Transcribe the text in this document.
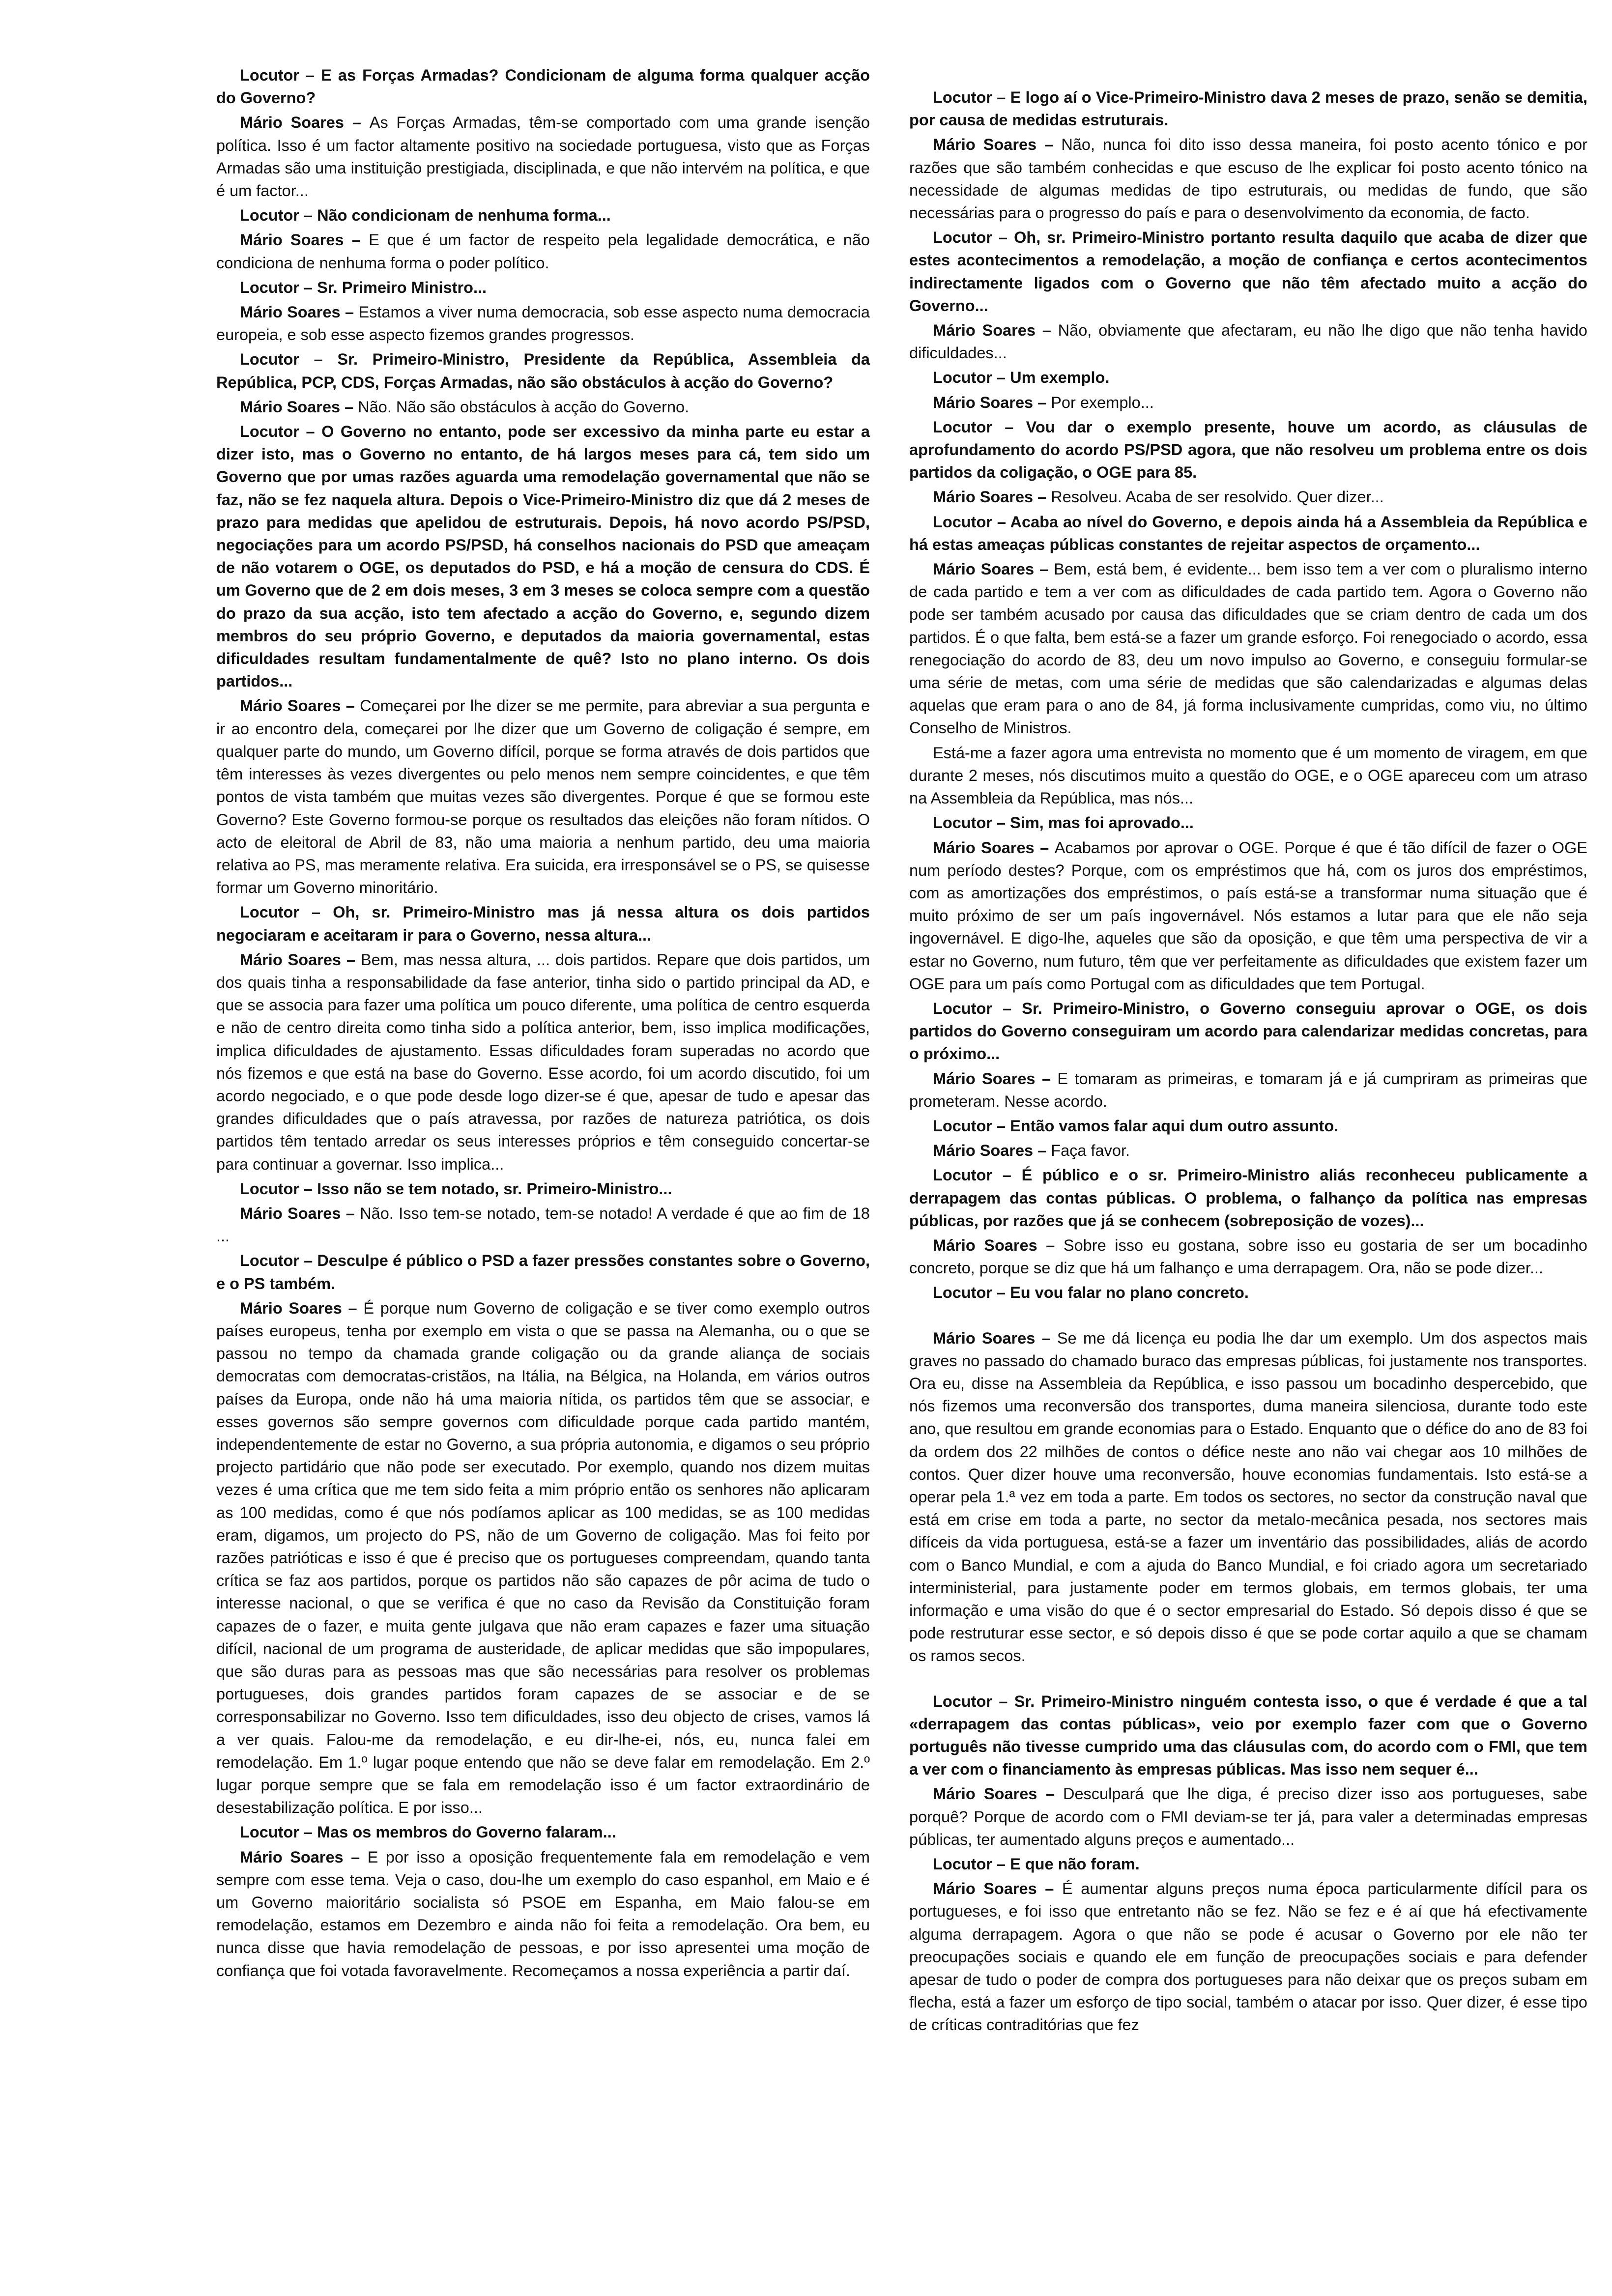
Locutor – E as Forças Armadas? Condicionam de alguma forma qualquer acção do Governo?

Mário Soares – As Forças Armadas, têm-se comportado com uma grande isenção política. Isso é um factor altamente positivo na sociedade portuguesa, visto que as Forças Armadas são uma instituição prestigiada, disciplinada, e que não intervém na política, e que é um factor...

Locutor – Não condicionam de nenhuma forma...

Mário Soares – E que é um factor de respeito pela legalidade democrática, e não condiciona de nenhuma forma o poder político.

Locutor – Sr. Primeiro Ministro...

Mário Soares – Estamos a viver numa democracia, sob esse aspecto numa democracia europeia, e sob esse aspecto fizemos grandes progressos.

Locutor – Sr. Primeiro-Ministro, Presidente da República, Assembleia da República, PCP, CDS, Forças Armadas, não são obstáculos à acção do Governo?

Mário Soares – Não. Não são obstáculos à acção do Governo.

Locutor – O Governo no entanto, pode ser excessivo da minha parte eu estar a dizer isto, mas o Governo no entanto, de há largos meses para cá, tem sido um Governo que por umas razões aguarda uma remodelação governamental que não se faz, não se fez naquela altura. Depois o Vice-Primeiro-Ministro diz que dá 2 meses de prazo para medidas que apelidou de estruturais. Depois, há novo acordo PS/PSD, negociações para um acordo PS/PSD, há conselhos nacionais do PSD que ameaçam de não votarem o OGE, os deputados do PSD, e há a moção de censura do CDS. É um Governo que de 2 em dois meses, 3 em 3 meses se coloca sempre com a questão do prazo da sua acção, isto tem afectado a acção do Governo, e, segundo dizem membros do seu próprio Governo, e deputados da maioria governamental, estas dificuldades resultam fundamentalmente de quê? Isto no plano interno. Os dois partidos...

Mário Soares – Começarei por lhe dizer se me permite, para abreviar a sua pergunta e ir ao encontro dela, começarei por lhe dizer que um Governo de coligação é sempre, em qualquer parte do mundo, um Governo difícil, porque se forma através de dois partidos que têm interesses às vezes divergentes ou pelo menos nem sempre coincidentes, e que têm pontos de vista também que muitas vezes são divergentes. Porque é que se formou este Governo? Este Governo formou-se porque os resultados das eleições não foram nítidos. O acto de eleitoral de Abril de 83, não uma maioria a nenhum partido, deu uma maioria relativa ao PS, mas meramente relativa. Era suicida, era irresponsável se o PS, se quisesse formar um Governo minoritário.

Locutor – Oh, sr. Primeiro-Ministro mas já nessa altura os dois partidos negociaram e aceitaram ir para o Governo, nessa altura...

Mário Soares – Bem, mas nessa altura, ... dois partidos. Repare que dois partidos, um dos quais tinha a responsabilidade da fase anterior, tinha sido o partido principal da AD, e que se associa para fazer uma política um pouco diferente, uma política de centro esquerda e não de centro direita como tinha sido a política anterior, bem, isso implica modificações, implica dificuldades de ajustamento. Essas dificuldades foram superadas no acordo que nós fizemos e que está na base do Governo. Esse acordo, foi um acordo discutido, foi um acordo negociado, e o que pode desde logo dizer-se é que, apesar de tudo e apesar das grandes dificuldades que o país atravessa, por razões de natureza patriótica, os dois partidos têm tentado arredar os seus interesses próprios e têm conseguido concertar-se para continuar a governar. Isso implica...

Locutor – Isso não se tem notado, sr. Primeiro-Ministro...

Mário Soares – Não. Isso tem-se notado, tem-se notado! A verdade é que ao fim de 18 ...

Locutor – Desculpe é público o PSD a fazer pressões constantes sobre o Governo, e o PS também.

Mário Soares – É porque num Governo de coligação e se tiver como exemplo outros países europeus, tenha por exemplo em vista o que se passa na Alemanha, ou o que se passou no tempo da chamada grande coligação ou da grande aliança de sociais democratas com democratas-cristãos, na Itália, na Bélgica, na Holanda, em vários outros países da Europa, onde não há uma maioria nítida, os partidos têm que se associar, e esses governos são sempre governos com dificuldade porque cada partido mantém, independentemente de estar no Governo, a sua própria autonomia, e digamos o seu próprio projecto partidário que não pode ser executado. Por exemplo, quando nos dizem muitas vezes é uma crítica que me tem sido feita a mim próprio então os senhores não aplicaram as 100 medidas, como é que nós podíamos aplicar as 100 medidas, se as 100 medidas eram, digamos, um projecto do PS, não de um Governo de coligação. Mas foi feito por razões patrióticas e isso é que é preciso que os portugueses compreendam, quando tanta crítica se faz aos partidos, porque os partidos não são capazes de pôr acima de tudo o interesse nacional, o que se verifica é que no caso da Revisão da Constituição foram capazes de o fazer, e muita gente julgava que não eram capazes e fazer uma situação difícil, nacional de um programa de austeridade, de aplicar medidas que são impopulares, que são duras para as pessoas mas que são necessárias para resolver os problemas portugueses, dois grandes partidos foram capazes de se associar e de se corresponsabilizar no Governo. Isso tem dificuldades, isso deu objecto de crises, vamos lá a ver quais. Falou-me da remodelação, e eu dir-lhe-ei, nós, eu, nunca falei em remodelação. Em 1.º lugar poque entendo que não se deve falar em remodelação. Em 2.º lugar porque sempre que se fala em remodelação isso é um factor extraordinário de desestabilização política. E por isso...

Locutor – Mas os membros do Governo falaram...

Mário Soares – E por isso a oposição frequentemente fala em remodelação e vem sempre com esse tema. Veja o caso, dou-lhe um exemplo do caso espanhol, em Maio e é um Governo maioritário socialista só PSOE em Espanha, em Maio falou-se em remodelação, estamos em Dezembro e ainda não foi feita a remodelação. Ora bem, eu nunca disse que havia remodelação de pessoas, e por isso apresentei uma moção de confiança que foi votada favoravelmente. Recomeçamos a nossa experiência a partir daí.

Locutor – E logo aí o Vice-Primeiro-Ministro dava 2 meses de prazo, senão se demitia, por causa de medidas estruturais.

Mário Soares – Não, nunca foi dito isso dessa maneira, foi posto acento tónico e por razões que são também conhecidas e que escuso de lhe explicar foi posto acento tónico na necessidade de algumas medidas de tipo estruturais, ou medidas de fundo, que são necessárias para o progresso do país e para o desenvolvimento da economia, de facto.

Locutor – Oh, sr. Primeiro-Ministro portanto resulta daquilo que acaba de dizer que estes acontecimentos a remodelação, a moção de confiança e certos acontecimentos indirectamente ligados com o Governo que não têm afectado muito a acção do Governo...

Mário Soares – Não, obviamente que afectaram, eu não lhe digo que não tenha havido dificuldades...

Locutor – Um exemplo.

Mário Soares – Por exemplo...

Locutor – Vou dar o exemplo presente, houve um acordo, as cláusulas de aprofundamento do acordo PS/PSD agora, que não resolveu um problema entre os dois partidos da coligação, o OGE para 85.

Mário Soares – Resolveu. Acaba de ser resolvido. Quer dizer...

Locutor – Acaba ao nível do Governo, e depois ainda há a Assembleia da República e há estas ameaças públicas constantes de rejeitar aspectos de orçamento...

Mário Soares – Bem, está bem, é evidente... bem isso tem a ver com o pluralismo interno de cada partido e tem a ver com as dificuldades de cada partido tem. Agora o Governo não pode ser também acusado por causa das dificuldades que se criam dentro de cada um dos partidos. É o que falta, bem está-se a fazer um grande esforço. Foi renegociado o acordo, essa renegociação do acordo de 83, deu um novo impulso ao Governo, e conseguiu formular-se uma série de metas, com uma série de medidas que são calendarizadas e algumas delas aquelas que eram para o ano de 84, já forma inclusivamente cumpridas, como viu, no último Conselho de Ministros.

Está-me a fazer agora uma entrevista no momento que é um momento de viragem, em que durante 2 meses, nós discutimos muito a questão do OGE, e o OGE apareceu com um atraso na Assembleia da República, mas nós...

Locutor – Sim, mas foi aprovado...

Mário Soares – Acabamos por aprovar o OGE. Porque é que é tão difícil de fazer o OGE num período destes? Porque, com os empréstimos que há, com os juros dos empréstimos, com as amortizações dos empréstimos, o país está-se a transformar numa situação que é muito próximo de ser um país ingovernável. Nós estamos a lutar para que ele não seja ingovernável. E digo-lhe, aqueles que são da oposição, e que têm uma perspectiva de vir a estar no Governo, num futuro, têm que ver perfeitamente as dificuldades que existem fazer um OGE para um país como Portugal com as dificuldades que tem Portugal.

Locutor – Sr. Primeiro-Ministro, o Governo conseguiu aprovar o OGE, os dois partidos do Governo conseguiram um acordo para calendarizar medidas concretas, para o próximo...

Mário Soares – E tomaram as primeiras, e tomaram já e já cumpriram as primeiras que prometeram. Nesse acordo.

Locutor – Então vamos falar aqui dum outro assunto.

Mário Soares – Faça favor.

Locutor – É público e o sr. Primeiro-Ministro aliás reconheceu publicamente a derrapagem das contas públicas. O problema, o falhanço da política nas empresas públicas, por razões que já se conhecem (sobreposição de vozes)...

Mário Soares – Sobre isso eu gostana, sobre isso eu gostaria de ser um bocadinho concreto, porque se diz que há um falhanço e uma derrapagem. Ora, não se pode dizer...

Locutor – Eu vou falar no plano concreto.

Mário Soares – Se me dá licença eu podia lhe dar um exemplo. Um dos aspectos mais graves no passado do chamado buraco das empresas públicas, foi justamente nos transportes. Ora eu, disse na Assembleia da República, e isso passou um bocadinho despercebido, que nós fizemos uma reconversão dos transportes, duma maneira silenciosa, durante todo este ano, que resultou em grande economias para o Estado. Enquanto que o défice do ano de 83 foi da ordem dos 22 milhões de contos o défice neste ano não vai chegar aos 10 milhões de contos. Quer dizer houve uma reconversão, houve economias fundamentais. Isto está-se a operar pela 1.ª vez em toda a parte. Em todos os sectores, no sector da construção naval que está em crise em toda a parte, no sector da metalo-mecânica pesada, nos sectores mais difíceis da vida portuguesa, está-se a fazer um inventário das possibilidades, aliás de acordo com o Banco Mundial, e com a ajuda do Banco Mundial, e foi criado agora um secretariado interministerial, para justamente poder em termos globais, em termos globais, ter uma informação e uma visão do que é o sector empresarial do Estado. Só depois disso é que se pode restruturar esse sector, e só depois disso é que se pode cortar aquilo a que se chamam os ramos secos.

Locutor – Sr. Primeiro-Ministro ninguém contesta isso, o que é verdade é que a tal «derrapagem das contas públicas», veio por exemplo fazer com que o Governo português não tivesse cumprido uma das cláusulas com, do acordo com o FMI, que tem a ver com o financiamento às empresas públicas. Mas isso nem sequer é...

Mário Soares – Desculpará que lhe diga, é preciso dizer isso aos portugueses, sabe porquê? Porque de acordo com o FMI deviam-se ter já, para valer a determinadas empresas públicas, ter aumentado alguns preços e aumentado...

Locutor – E que não foram.

Mário Soares – É aumentar alguns preços numa época particularmente difícil para os portugueses, e foi isso que entretanto não se fez. Não se fez e é aí que há efectivamente alguma derrapagem. Agora o que não se pode é acusar o Governo por ele não ter preocupações sociais e quando ele em função de preocupações sociais e para defender apesar de tudo o poder de compra dos portugueses para não deixar que os preços subam em flecha, está a fazer um esforço de tipo social, também o atacar por isso. Quer dizer, é esse tipo de críticas contraditórias que fez
